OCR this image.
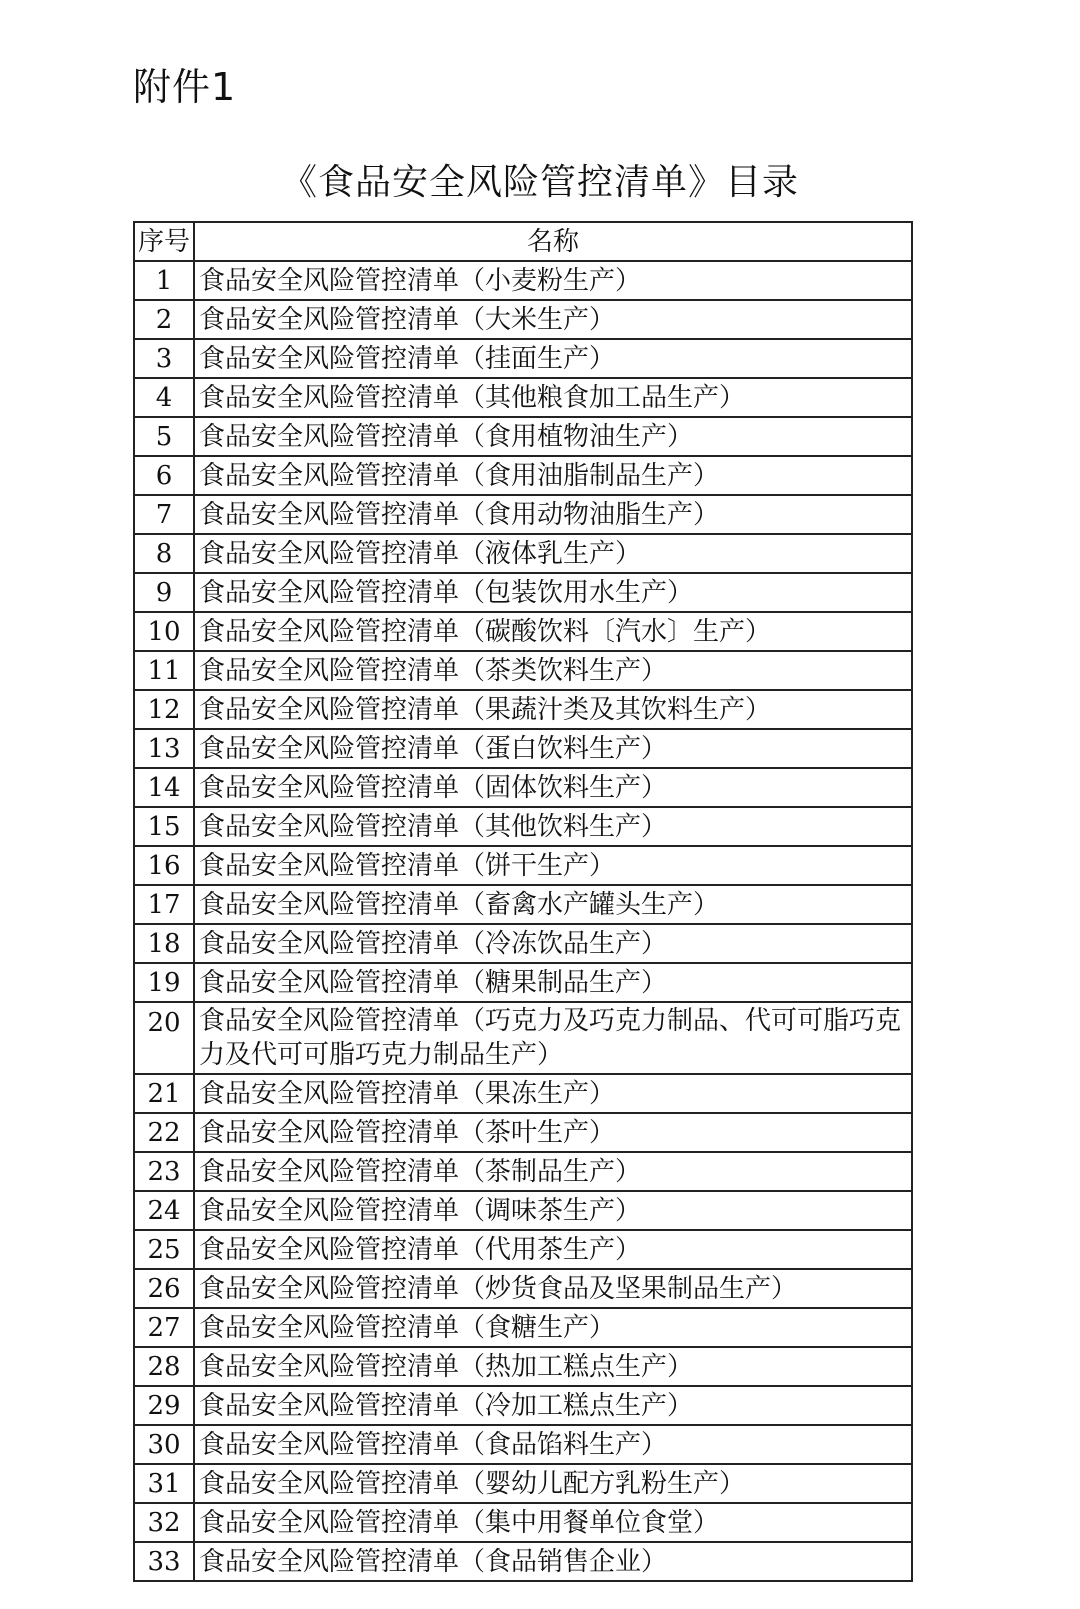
附件1
《食品安全风险管控清单》目录
序号	名称
1	食品安全风险管控清单（小麦粉生产）
2	食品安全风险管控清单（大米生产）
3	食品安全风险管控清单（挂面生产）
4	食品安全风险管控清单（其他粮食加工品生产）
5	食品安全风险管控清单（食用植物油生产）
6	食品安全风险管控清单（食用油脂制品生产）
7	食品安全风险管控清单（食用动物油脂生产）
8	食品安全风险管控清单（液体乳生产）
9	食品安全风险管控清单（包装饮用水生产）
10	食品安全风险管控清单（碳酸饮料〔汽水〕生产）
11	食品安全风险管控清单（茶类饮料生产）
12	食品安全风险管控清单（果蔬汁类及其饮料生产）
13	食品安全风险管控清单（蛋白饮料生产）
14	食品安全风险管控清单（固体饮料生产）
15	食品安全风险管控清单（其他饮料生产）
16	食品安全风险管控清单（饼干生产）
17	食品安全风险管控清单（畜禽水产罐头生产）
18	食品安全风险管控清单（冷冻饮品生产）
19	食品安全风险管控清单（糖果制品生产）
20	食品安全风险管控清单（巧克力及巧克力制品、代可可脂巧克力及代可可脂巧克力制品生产）
21	食品安全风险管控清单（果冻生产）
22	食品安全风险管控清单（茶叶生产）
23	食品安全风险管控清单（茶制品生产）
24	食品安全风险管控清单（调味茶生产）
25	食品安全风险管控清单（代用茶生产）
26	食品安全风险管控清单（炒货食品及坚果制品生产）
27	食品安全风险管控清单（食糖生产）
28	食品安全风险管控清单（热加工糕点生产）
29	食品安全风险管控清单（冷加工糕点生产）
30	食品安全风险管控清单（食品馅料生产）
31	食品安全风险管控清单（婴幼儿配方乳粉生产）
32	食品安全风险管控清单（集中用餐单位食堂）
33	食品安全风险管控清单（食品销售企业）
